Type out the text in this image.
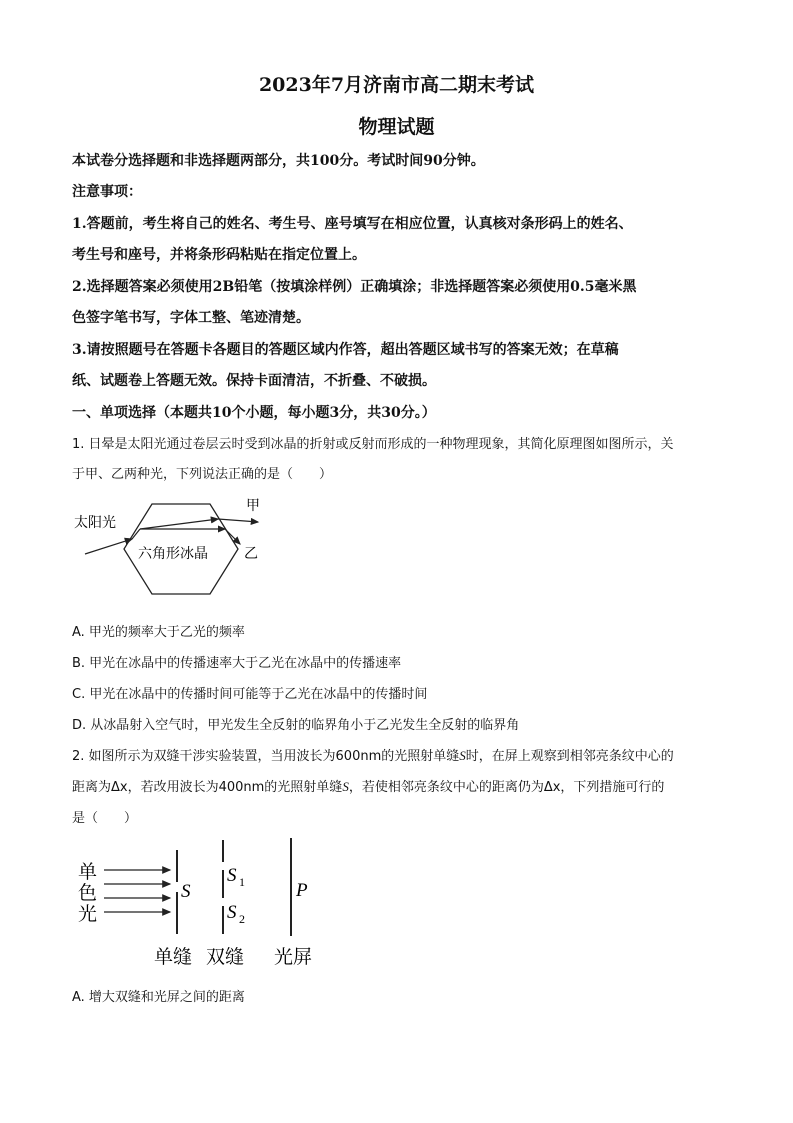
2023年7月济南市高二期末考试
物理试题
本试卷分选择题和非选择题两部分，共100分。考试时间90分钟。
注意事项：
1.答题前，考生将自己的姓名、考生号、座号填写在相应位置，认真核对条形码上的姓名、
考生号和座号，并将条形码粘贴在指定位置上。
2.选择题答案必须使用2B铅笔（按填涂样例）正确填涂；非选择题答案必须使用0.5毫米黑
色签字笔书写，字体工整、笔迹清楚。
3.请按照题号在答题卡各题目的答题区域内作答，超出答题区域书写的答案无效；在草稿
纸、试题卷上答题无效。保持卡面清洁，不折叠、不破损。
一、单项选择（本题共10个小题，每小题3分，共30分。）
1. 日晕是太阳光通过卷层云时受到冰晶的折射或反射而形成的一种物理现象，其简化原理图如图所示，关
于甲、乙两种光，下列说法正确的是（　　）
太阳光
六角形冰晶
甲
乙
A. 甲光的频率大于乙光的频率
B. 甲光在冰晶中的传播速率大于乙光在冰晶中的传播速率
C. 甲光在冰晶中的传播时间可能等于乙光在冰晶中的传播时间
D. 从冰晶射入空气时，甲光发生全反射的临界角小于乙光发生全反射的临界角
2. 如图所示为双缝干涉实验装置，当用波长为600nm的光照射单缝S时，在屏上观察到相邻亮条纹中心的
距离为Δx，若改用波长为400nm的光照射单缝S，若使相邻亮条纹中心的距离仍为Δx，下列措施可行的
是（　　）
单
色
光
S
S 1
S 2
P
单缝 双缝 光屏
A. 增大双缝和光屏之间的距离
